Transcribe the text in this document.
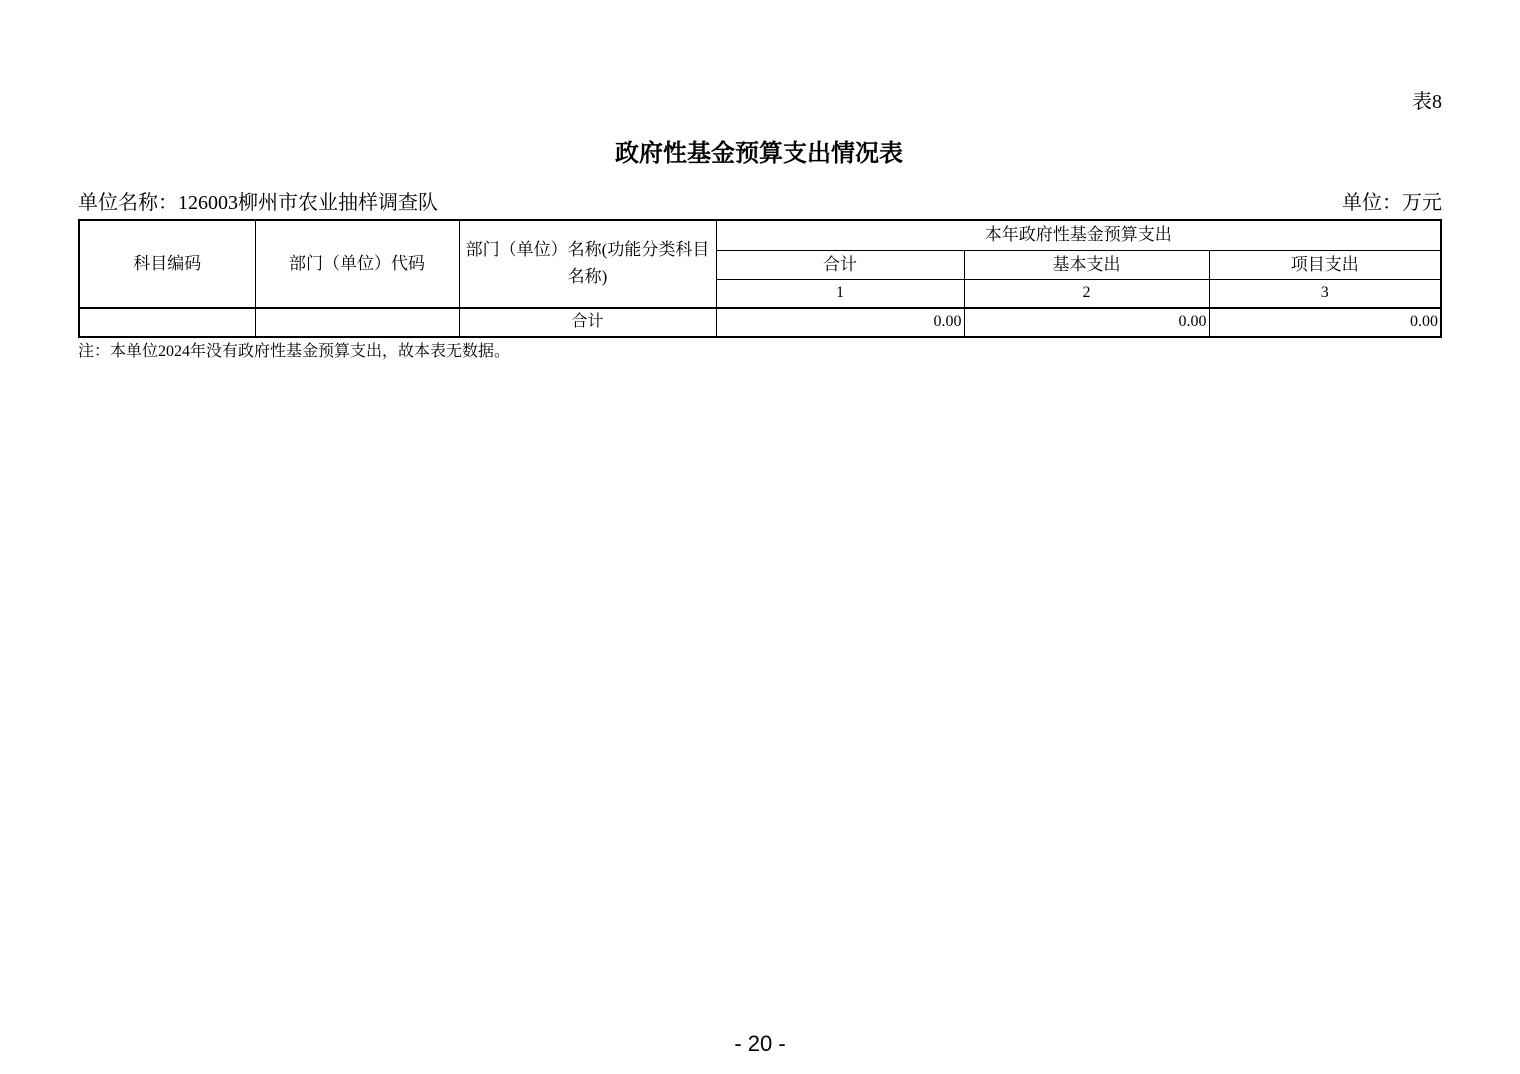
表8
政府性基金预算支出情况表
单位名称：126003柳州市农业抽样调查队	单位：万元
科目编码	部门（单位）代码	部门（单位）名称(功能分类科目名称)	本年政府性基金预算支出		
			合计	基本支出	项目支出
			1	2	3
		合计	0.00	0.00	0.00
注：本单位2024年没有政府性基金预算支出，故本表无数据。
- 20 -
